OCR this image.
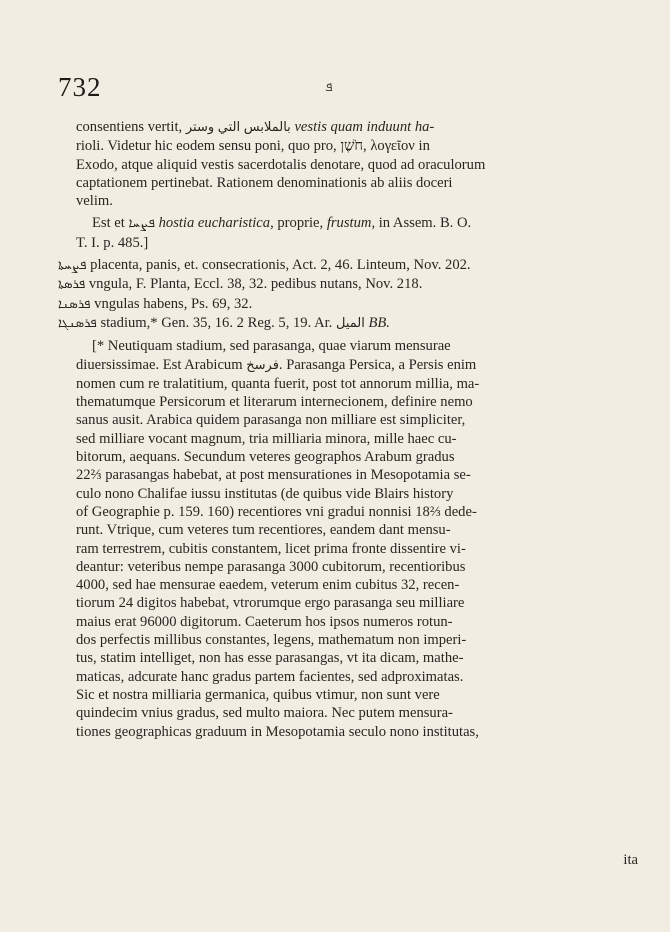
732	ܦ
consentiens vertit,	بالملابس التي وستر	vestis quam induunt ha-
rioli. Videtur hic eodem sensu poni, quo pro, חֹשֶׁן, λογεῖον in
Exodo, atque aliquid vestis sacerdotalis denotare, quod ad oraculorum
captationem pertinebat. Rationem denominationis ab aliis doceri
velim.
Est et ܦܨܚܐ hostia eucharistica, proprie, frustum, in Assem. B. O.
T. I. p. 485.]
ܦܨܚܬܐ placenta, panis, et. consecrationis, Act. 2, 46. Linteum, Nov. 202.
ܦܪܣܬܐ vngula, F. Planta, Eccl. 38, 32. pedibus nutans, Nov. 218.
ܦܪܣܢܐ vngulas habens, Ps. 69, 32.
ܦܪܣܢܓܐ stadium,* Gen. 35, 16. 2 Reg. 5, 19. Ar. الميل BB.
[* Neutiquam stadium, sed parasanga, quae viarum mensurae
diuersissimae. Est Arabicum فرسخ. Parasanga Persica, a Persis enim
nomen cum re tralatitium, quanta fuerit, post tot annorum millia, ma-
thematumque Persicorum et literarum internecionem, definire nemo
sanus ausit. Arabica quidem parasanga non milliare est simpliciter,
sed milliare vocant magnum, tria milliaria minora, mille haec cu-
bitorum, aequans. Secundum veteres geographos Arabum gradus
22⅔ parasangas habebat, at post mensurationes in Mesopotamia se-
culo nono Chalifae iussu institutas (de quibus vide Blairs history
of Geographie p. 159. 160) recentiores vni gradui nonnisi 18⅔ dede-
runt. Vtrique, cum veteres tum recentiores, eandem dant mensu-
ram terrestrem, cubitis constantem, licet prima fronte dissentire vi-
deantur: veteribus nempe parasanga 3000 cubitorum, recentioribus
4000, sed hae mensurae eaedem, veterum enim cubitus 32, recen-
tiorum 24 digitos habebat, vtrorumque ergo parasanga seu milliare
maius erat 96000 digitorum. Caeterum hos ipsos numeros rotun-
dos perfectis millibus constantes, legens, mathematum non imperi-
tus, statim intelliget, non has esse parasangas, vt ita dicam, mathe-
maticas, adcurate hanc gradus partem facientes, sed adproximatas.
Sic et nostra milliaria germanica, quibus vtimur, non sunt vere
quindecim vnius gradus, sed multo maiora. Nec putem mensura-
tiones geographicas graduum in Mesopotamia seculo nono institutas,
ita
